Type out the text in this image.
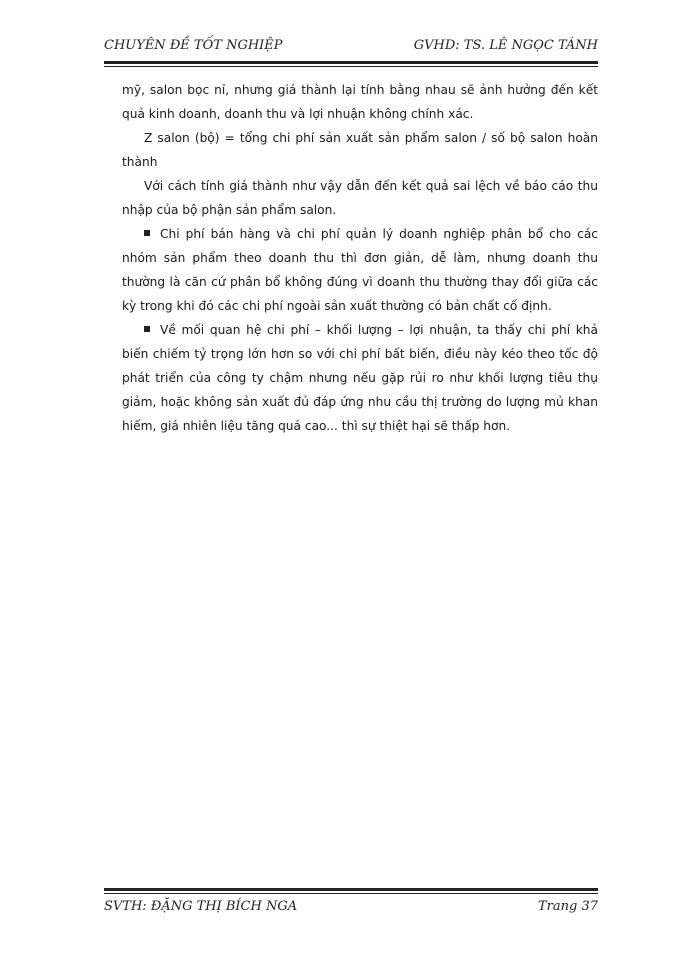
CHUYÊN ĐỀ TỐT NGHIỆP	GVHD: TS. LÊ NGỌC TÁNH

mỹ, salon bọc nỉ, nhưng giá thành lại tính bằng nhau sẽ ảnh hưởng đến kết quả kinh doanh, doanh thu và lợi nhuận không chính xác.

Z salon (bộ) = tổng chi phí sản xuất sản phẩm salon / số bộ salon hoàn thành

Với cách tính giá thành như vậy dẫn đến kết quả sai lệch về báo cáo thu nhập của bộ phận sản phẩm salon.

Chi phí bán hàng và chi phí quản lý doanh nghiệp phân bổ cho các nhóm sản phẩm theo doanh thu thì đơn giản, dễ làm, nhưng doanh thu thường là căn cứ phân bổ không đúng vì doanh thu thường thay đổi giữa các kỳ trong khi đó các chi phí ngoài sản xuất thường có bản chất cố định.

Về mối quan hệ chi phí – khối lượng – lợi nhuận, ta thấy chi phí khả biến chiếm tỷ trọng lớn hơn so với chi phí bất biến, điều này kéo theo tốc độ phát triển của công ty chậm nhưng nếu gặp rủi ro như khối lượng tiêu thụ giảm, hoặc không sản xuất đủ đáp ứng nhu cầu thị trường do lượng mủ khan hiếm, giá nhiên liệu tăng quá cao... thì sự thiệt hại sẽ thấp hơn.

SVTH: ĐẶNG THỊ BÍCH NGA	Trang 37
